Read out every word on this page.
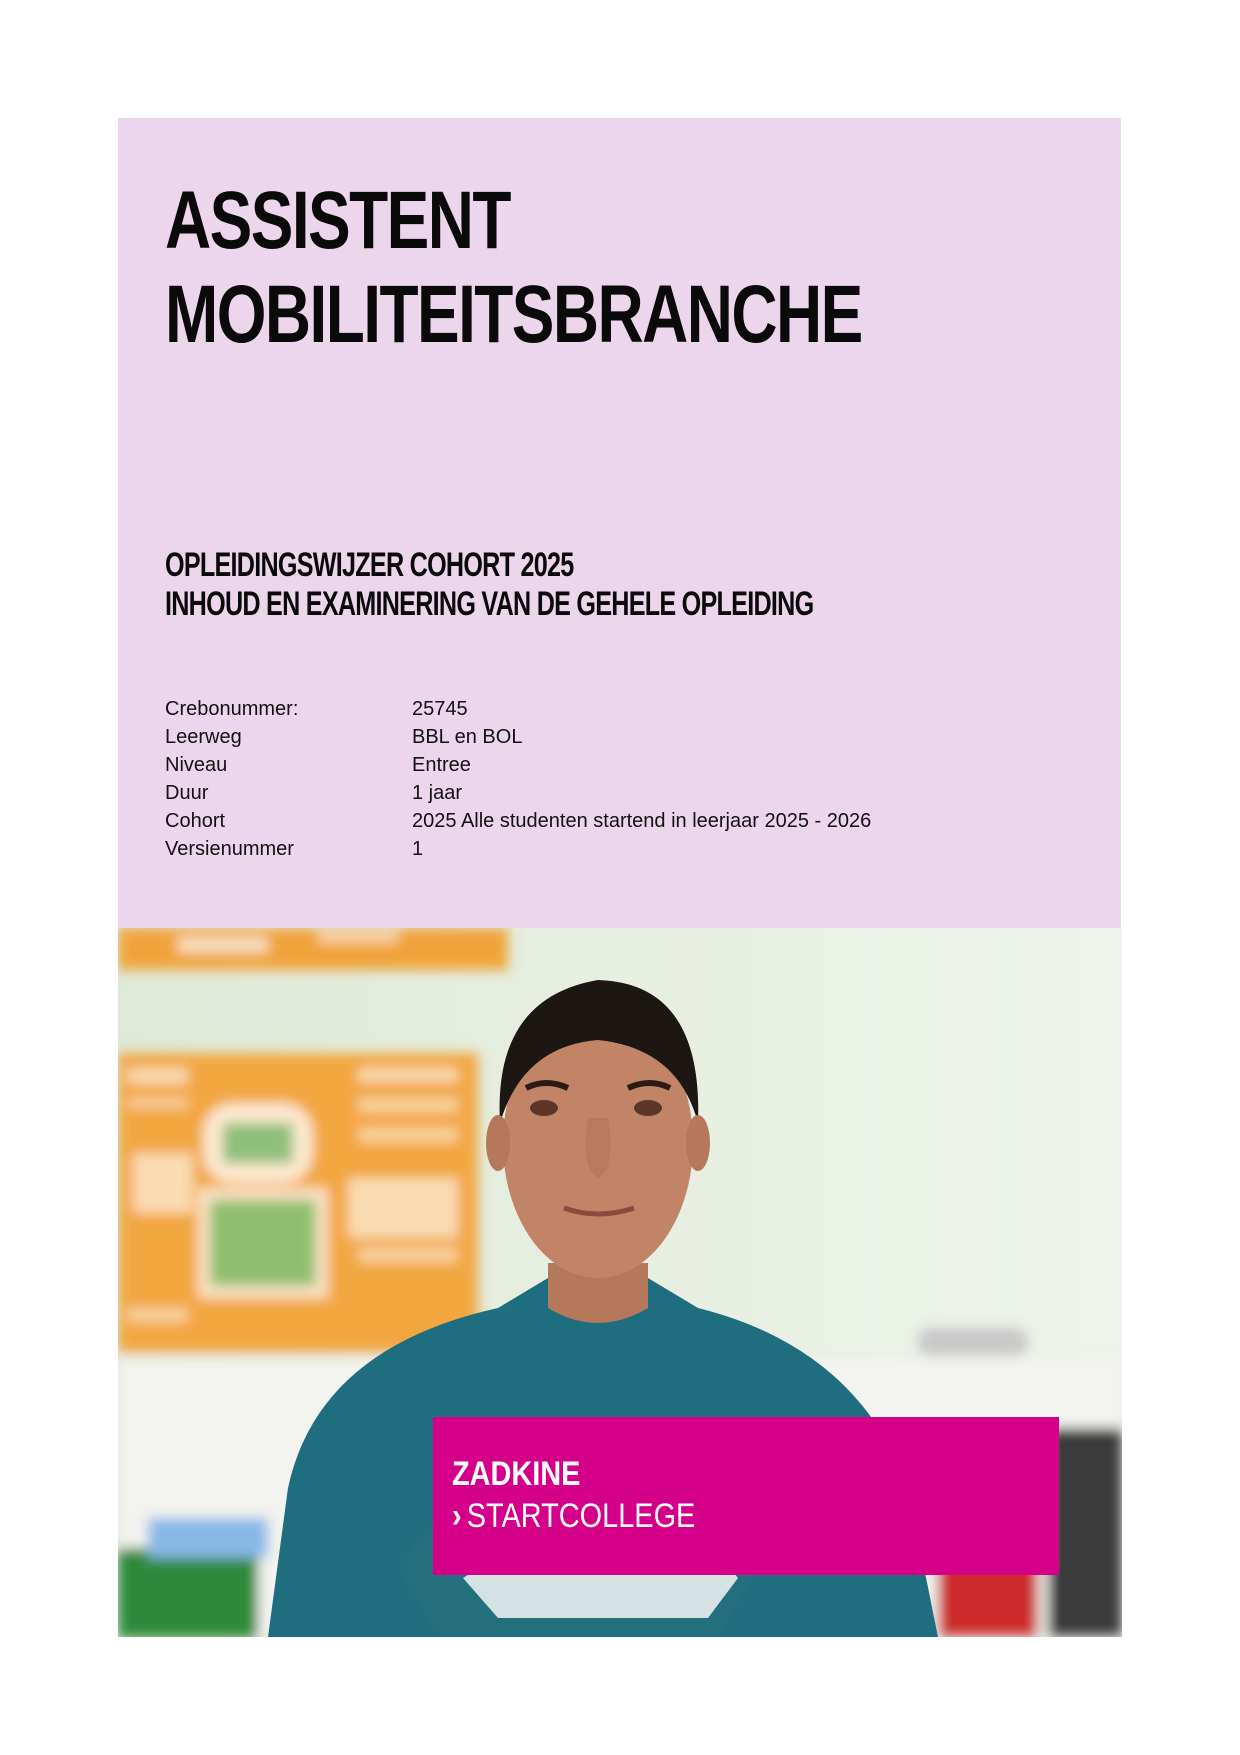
ASSISTENT
MOBILITEITSBRANCHE
OPLEIDINGSWIJZER COHORT 2025
INHOUD EN EXAMINERING VAN DE GEHELE OPLEIDING
Crebonummer:	25745
Leerweg	BBL en BOL
Niveau	Entree
Duur	1 jaar
Cohort	2025 Alle studenten startend in leerjaar 2025 - 2026
Versienummer	1
ZADKINE
› STARTCOLLEGE
